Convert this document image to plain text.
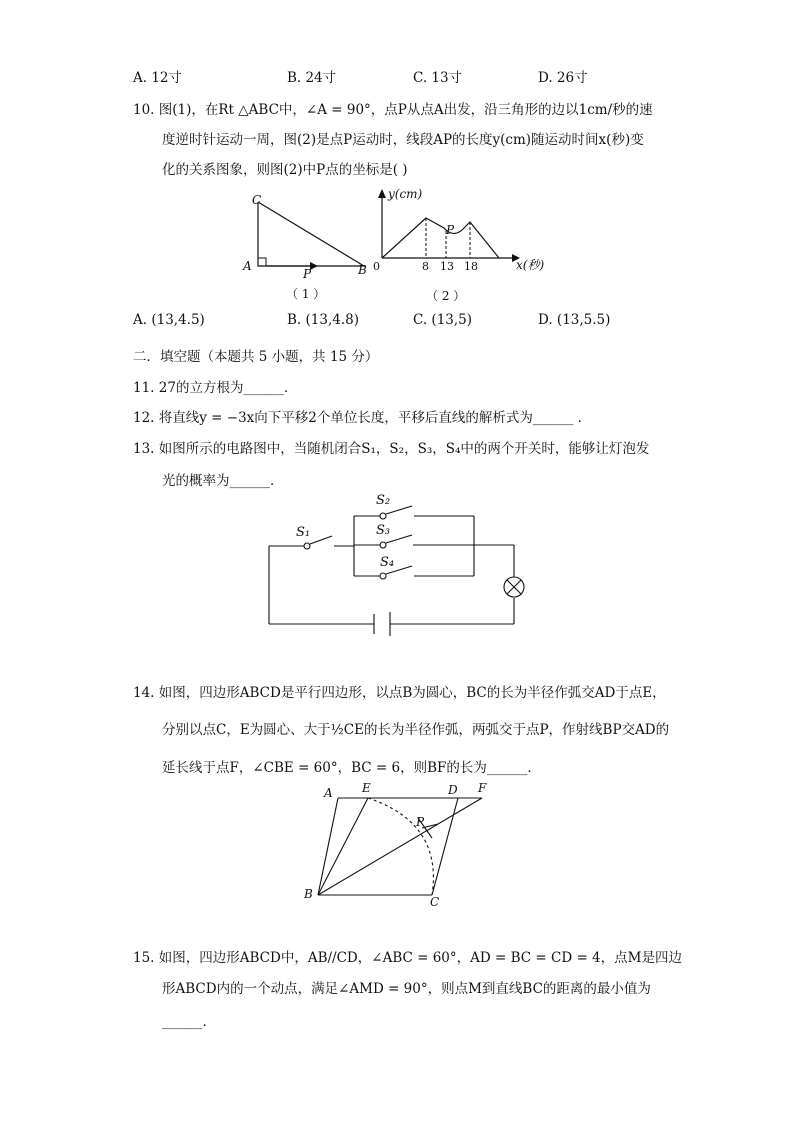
A. 12寸	B. 24寸	C. 13寸	D. 26寸
10. 图(1)，在Rt △ABC中，∠A = 90°，点P从点A出发，沿三角形的边以1cm/秒的速
度逆时针运动一周，图(2)是点P运动时，线段AP的长度y(cm)随运动时间x(秒)变
化的关系图象，则图(2)中P点的坐标是( )
C
A	B
P
（ 1 ）
y(cm)
x(秒)
0	8 13 18
P
（ 2 ）
A. (13,4.5)	B. (13,4.8)	C. (13,5)	D. (13,5.5)
二．填空题（本题共 5 小题，共 15 分）
11. 27的立方根为______．
12. 将直线y = −3x向下平移2个单位长度，平移后直线的解析式为______ ．
13. 如图所示的电路图中，当随机闭合S₁，S₂，S₃，S₄中的两个开关时，能够让灯泡发
光的概率为______．
S₁
S₂
S₃
S₄
14. 如图，四边形ABCD是平行四边形，以点B为圆心，BC的长为半径作弧交AD于点E，
分别以点C，E为圆心、大于½CE的长为半径作弧，两弧交于点P，作射线BP交AD的
延长线于点F，∠CBE = 60°，BC = 6，则BF的长为______．
A E	D F
P
B
C
15. 如图，四边形ABCD中，AB//CD，∠ABC = 60°，AD = BC = CD = 4，点M是四边
形ABCD内的一个动点，满足∠AMD = 90°，则点M到直线BC的距离的最小值为
______．
